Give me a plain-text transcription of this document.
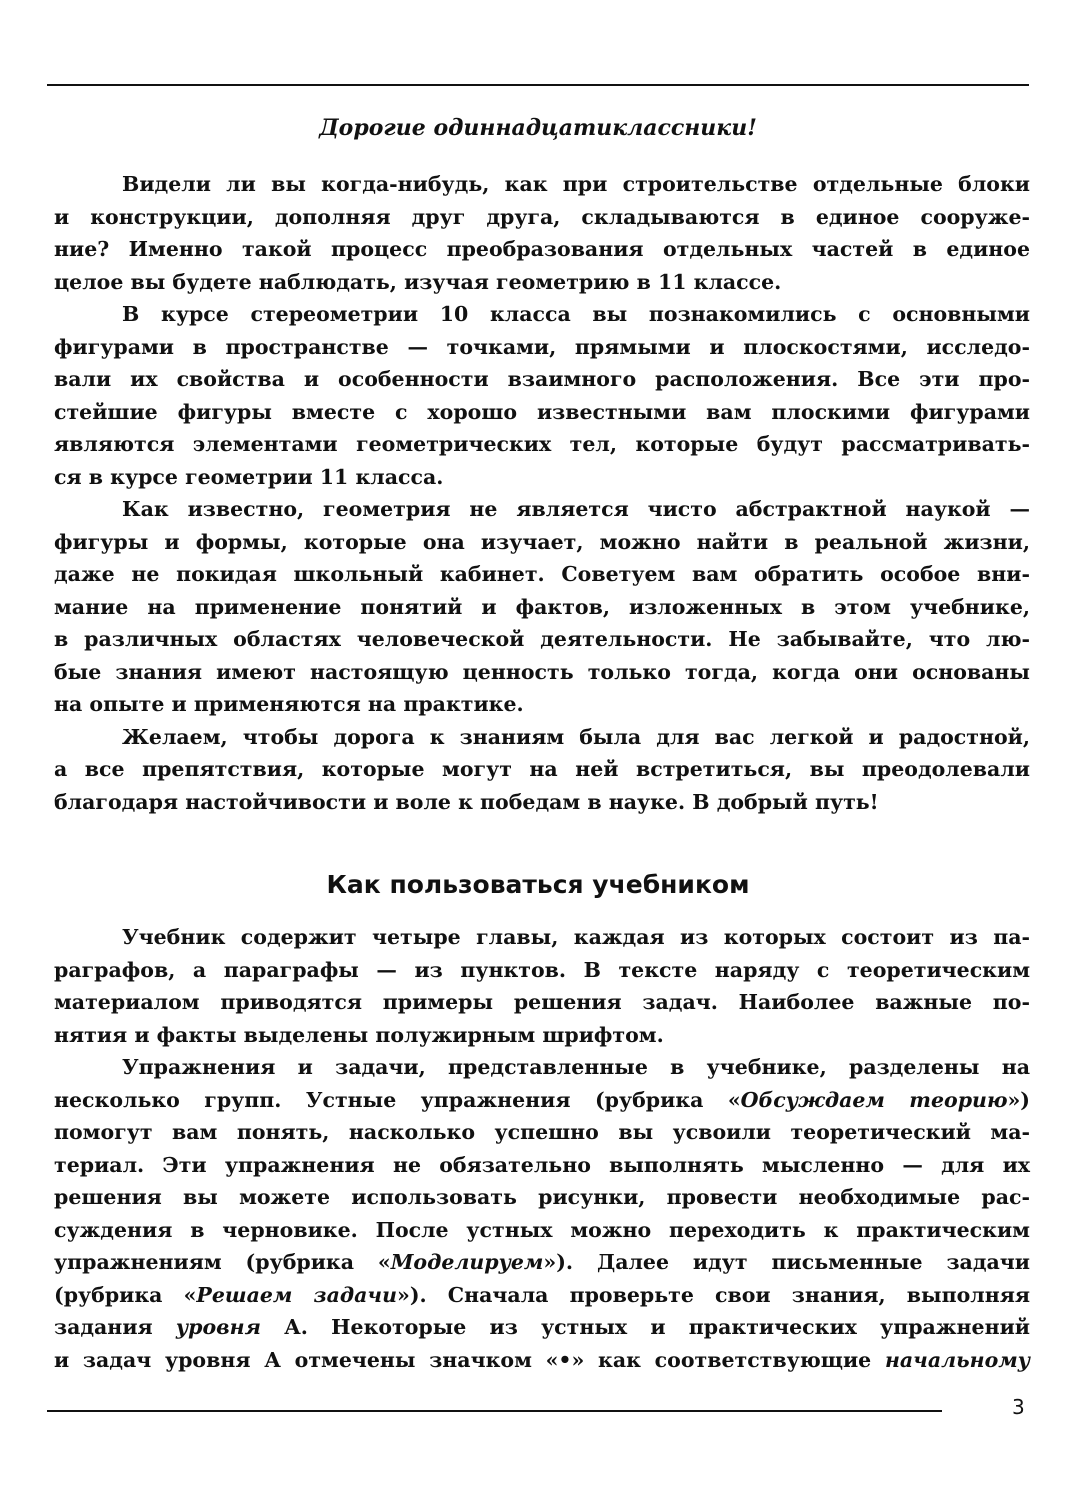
Дорогие одиннадцатиклассники!
Видели ли вы когда-нибудь, как при строительстве отдельные блоки
и конструкции, дополняя друг друга, складываются в единое сооруже-
ние? Именно такой процесс преобразования отдельных частей в единое
целое вы будете наблюдать, изучая геометрию в 11 классе.
В курсе стереометрии 10 класса вы познакомились с основными
фигурами в пространстве — точками, прямыми и плоскостями, исследо-
вали их свойства и особенности взаимного расположения. Все эти про-
стейшие фигуры вместе с хорошо известными вам плоскими фигурами
являются элементами геометрических тел, которые будут рассматривать-
ся в курсе геометрии 11 класса.
Как известно, геометрия не является чисто абстрактной наукой —
фигуры и формы, которые она изучает, можно найти в реальной жизни,
даже не покидая школьный кабинет. Советуем вам обратить особое вни-
мание на применение понятий и фактов, изложенных в этом учебнике,
в различных областях человеческой деятельности. Не забывайте, что лю-
бые знания имеют настоящую ценность только тогда, когда они основаны
на опыте и применяются на практике.
Желаем, чтобы дорога к знаниям была для вас легкой и радостной,
а все препятствия, которые могут на ней встретиться, вы преодолевали
благодаря настойчивости и воле к победам в науке. В добрый путь!
Как пользоваться учебником
Учебник содержит четыре главы, каждая из которых состоит из па-
раграфов, а параграфы — из пунктов. В тексте наряду с теоретическим
материалом приводятся примеры решения задач. Наиболее важные по-
нятия и факты выделены полужирным шрифтом.
Упражнения и задачи, представленные в учебнике, разделены на
несколько групп. Устные упражнения (рубрика «Обсуждаем теорию»)
помогут вам понять, насколько успешно вы усвоили теоретический ма-
териал. Эти упражнения не обязательно выполнять мысленно — для их
решения вы можете использовать рисунки, провести необходимые рас-
суждения в черновике. После устных можно переходить к практическим
упражнениям (рубрика «Моделируем»). Далее идут письменные задачи
(рубрика «Решаем задачи»). Сначала проверьте свои знания, выполняя
задания уровня А. Некоторые из устных и практических упражнений
и задач уровня А отмечены значком «•» как соответствующие начальному
3
